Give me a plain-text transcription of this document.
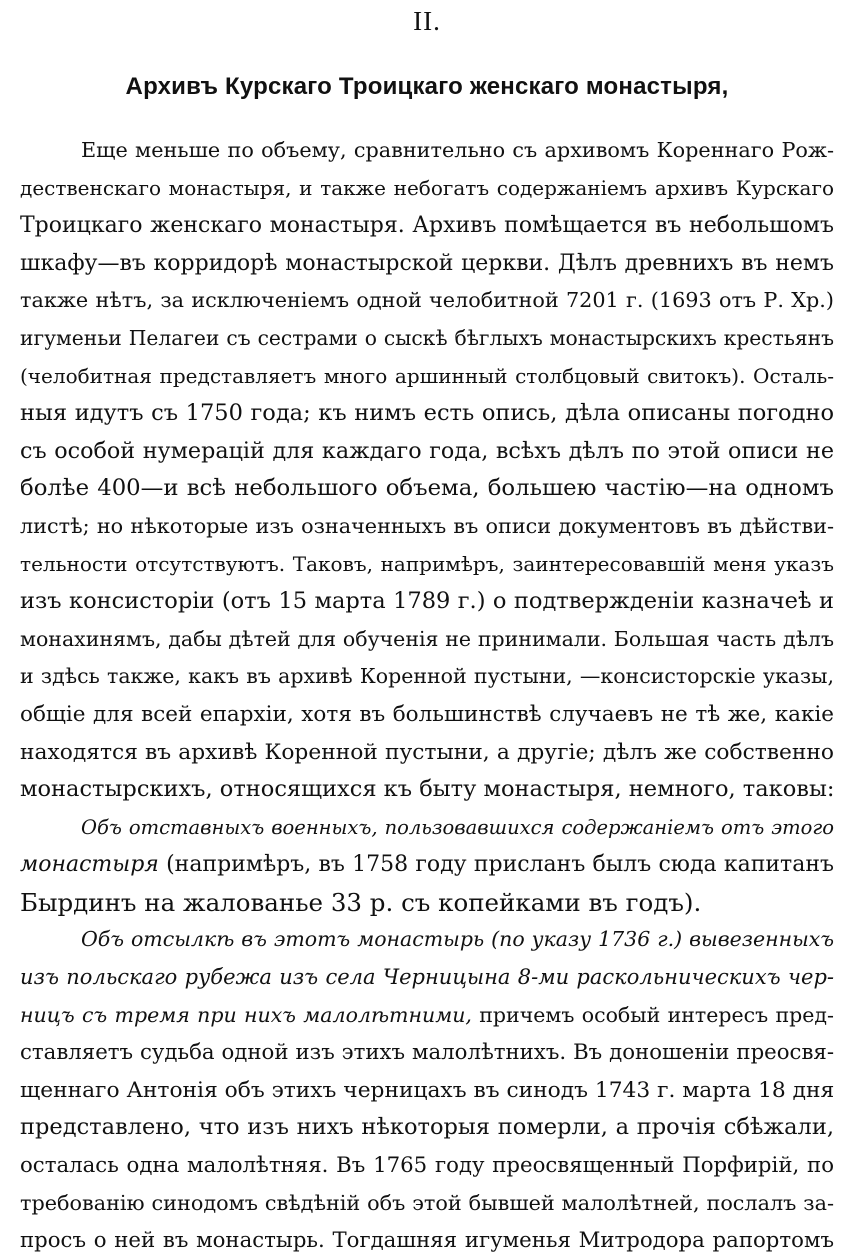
II.
Архивъ Курскаго Троицкаго женскаго монастыря,
Еще меньше по объему, сравнительно съ архивомъ Кореннаго Рож-
дественскаго монастыря, и также небогатъ содержанiемъ архивъ Курскаго
Троицкаго женскаго монастыря. Архивъ помѣщается въ небольшомъ
шкафу—въ корридорѣ монастырской церкви. Дѣлъ древнихъ въ немъ
также нѣтъ, за исключенiемъ одной челобитной 7201 г. (1693 отъ Р. Хр.)
игуменьи Пелагеи съ сестрами о сыскѣ бѣглыхъ монастырскихъ крестьянъ
(челобитная представляетъ много аршинный столбцовый свитокъ). Осталь-
ныя идутъ съ 1750 года; къ нимъ есть опись, дѣла описаны погодно
съ особой нумерацiй для каждаго года, всѣхъ дѣлъ по этой описи не
болѣе 400—и всѣ небольшого объема, большею частiю—на одномъ
листѣ; но нѣкоторые изъ означенныхъ въ описи документовъ въ дѣйстви-
тельности отсутствуютъ. Таковъ, напримѣръ, заинтересовавшiй меня указъ
изъ консисторiи (отъ 15 марта 1789 г.) о подтвержденiи казначеѣ и
монахинямъ, дабы дѣтей для обученiя не принимали. Большая часть дѣлъ
и здѣсь также, какъ въ архивѣ Коренной пустыни, —консисторскiе указы,
общiе для всей епархiи, хотя въ большинствѣ случаевъ не тѣ же, какiе
находятся въ архивѣ Коренной пустыни, а другiе; дѣлъ же собственно
монастырскихъ, относящихся къ быту монастыря, немного, таковы:
Объ отставныхъ военныхъ, пользовавшихся содержанiемъ отъ этого
монастыря (напримѣръ, въ 1758 году присланъ былъ сюда капитанъ
Бырдинъ на жалованье 33 р. съ копейками въ годъ).
Объ отсылкѣ въ этотъ монастырь (по указу 1736 г.) вывезенныхъ
изъ польскаго рубежа изъ села Черницына 8-ми раскольническихъ чер-
ницъ съ тремя при нихъ малолѣтними, причемъ особый интересъ пред-
ставляетъ судьба одной изъ этихъ малолѣтнихъ. Въ доношенiи преосвя-
щеннаго Антонiя объ этихъ черницахъ въ синодъ 1743 г. марта 18 дня
представлено, что изъ нихъ нѣкоторыя померли, а прочiя сбѣжали,
осталась одна малолѣтняя. Въ 1765 году преосвященный Порфирiй, по
требованiю синодомъ свѣдѣнiй объ этой бывшей малолѣтней, послалъ за-
просъ о ней въ монастырь. Тогдашняя игуменья Митродора рапортомъ
